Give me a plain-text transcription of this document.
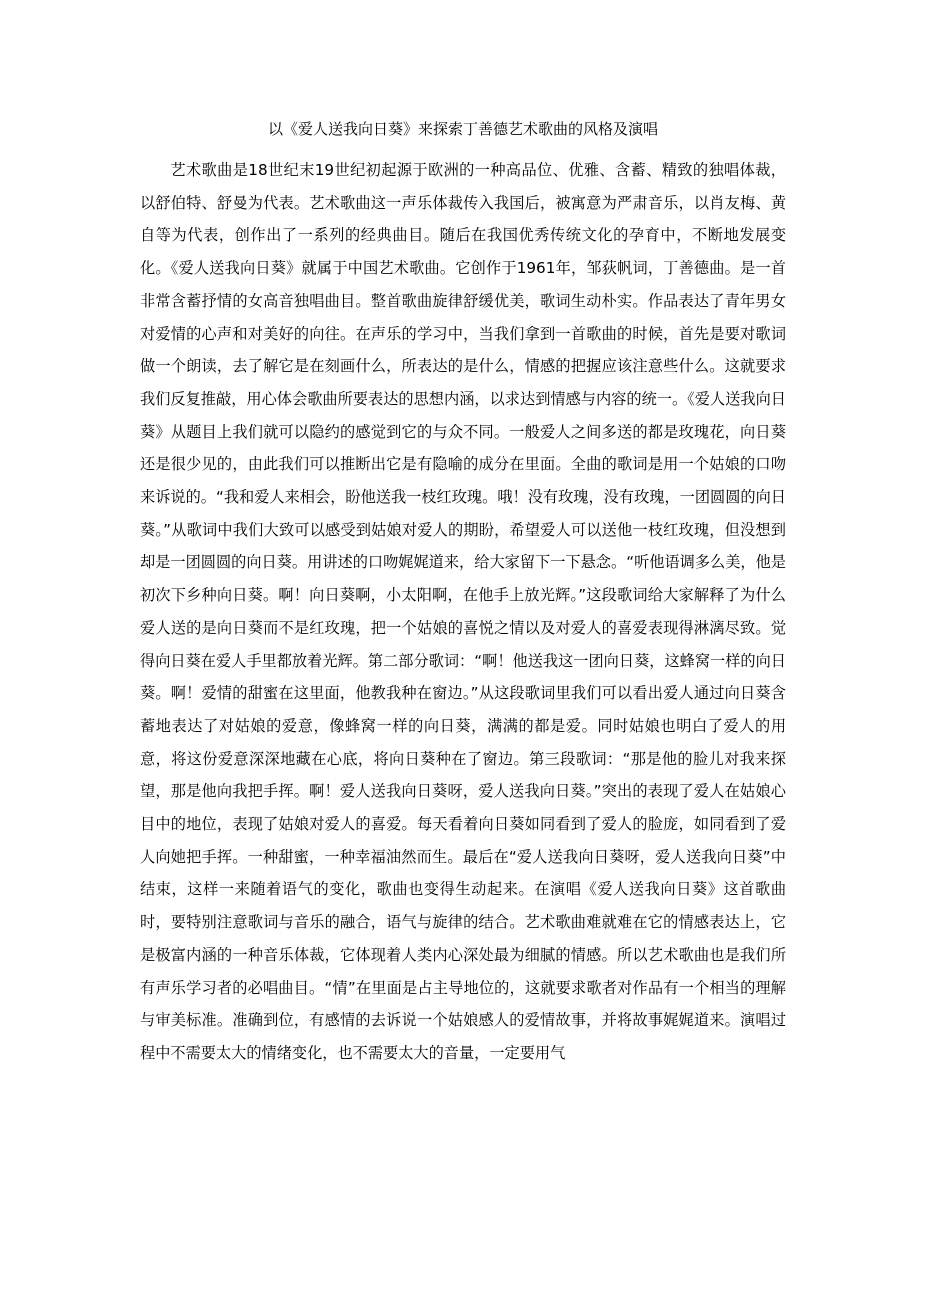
以《爱人送我向日葵》来探索丁善德艺术歌曲的风格及演唱

艺术歌曲是18世纪末19世纪初起源于欧洲的一种高品位、优雅、含蓄、精致的独唱体裁，以舒伯特、舒曼为代表。艺术歌曲这一声乐体裁传入我国后，被寓意为严肃音乐，以肖友梅、黄自等为代表，创作出了一系列的经典曲目。随后在我国优秀传统文化的孕育中，不断地发展变化。《爱人送我向日葵》就属于中国艺术歌曲。它创作于1961年，邹荻帆词，丁善德曲。是一首非常含蓄抒情的女高音独唱曲目。整首歌曲旋律舒缓优美，歌词生动朴实。作品表达了青年男女对爱情的心声和对美好的向往。在声乐的学习中，当我们拿到一首歌曲的时候，首先是要对歌词做一个朗读，去了解它是在刻画什么，所表达的是什么，情感的把握应该注意些什么。这就要求我们反复推敲，用心体会歌曲所要表达的思想内涵，以求达到情感与内容的统一。《爱人送我向日葵》从题目上我们就可以隐约的感觉到它的与众不同。一般爱人之间多送的都是玫瑰花，向日葵还是很少见的，由此我们可以推断出它是有隐喻的成分在里面。全曲的歌词是用一个姑娘的口吻来诉说的。“我和爱人来相会，盼他送我一枝红玫瑰。哦！没有玫瑰，没有玫瑰，一团圆圆的向日葵。”从歌词中我们大致可以感受到姑娘对爱人的期盼，希望爱人可以送他一枝红玫瑰，但没想到却是一团圆圆的向日葵。用讲述的口吻娓娓道来，给大家留下一下悬念。“听他语调多么美，他是初次下乡种向日葵。啊！向日葵啊，小太阳啊，在他手上放光辉。”这段歌词给大家解释了为什么爱人送的是向日葵而不是红玫瑰，把一个姑娘的喜悦之情以及对爱人的喜爱表现得淋漓尽致。觉得向日葵在爱人手里都放着光辉。第二部分歌词：“啊！他送我这一团向日葵，这蜂窝一样的向日葵。啊！爱情的甜蜜在这里面，他教我种在窗边。”从这段歌词里我们可以看出爱人通过向日葵含蓄地表达了对姑娘的爱意，像蜂窝一样的向日葵，满满的都是爱。同时姑娘也明白了爱人的用意，将这份爱意深深地藏在心底，将向日葵种在了窗边。第三段歌词：“那是他的脸儿对我来探望，那是他向我把手挥。啊！爱人送我向日葵呀，爱人送我向日葵。”突出的表现了爱人在姑娘心目中的地位，表现了姑娘对爱人的喜爱。每天看着向日葵如同看到了爱人的脸庞，如同看到了爱人向她把手挥。一种甜蜜，一种幸福油然而生。最后在“爱人送我向日葵呀，爱人送我向日葵”中结束，这样一来随着语气的变化，歌曲也变得生动起来。在演唱《爱人送我向日葵》这首歌曲时，要特别注意歌词与音乐的融合，语气与旋律的结合。艺术歌曲难就难在它的情感表达上，它是极富内涵的一种音乐体裁，它体现着人类内心深处最为细腻的情感。所以艺术歌曲也是我们所有声乐学习者的必唱曲目。“情”在里面是占主导地位的，这就要求歌者对作品有一个相当的理解与审美标准。准确到位，有感情的去诉说一个姑娘感人的爱情故事，并将故事娓娓道来。演唱过程中不需要太大的情绪变化，也不需要太大的音量，一定要用气
